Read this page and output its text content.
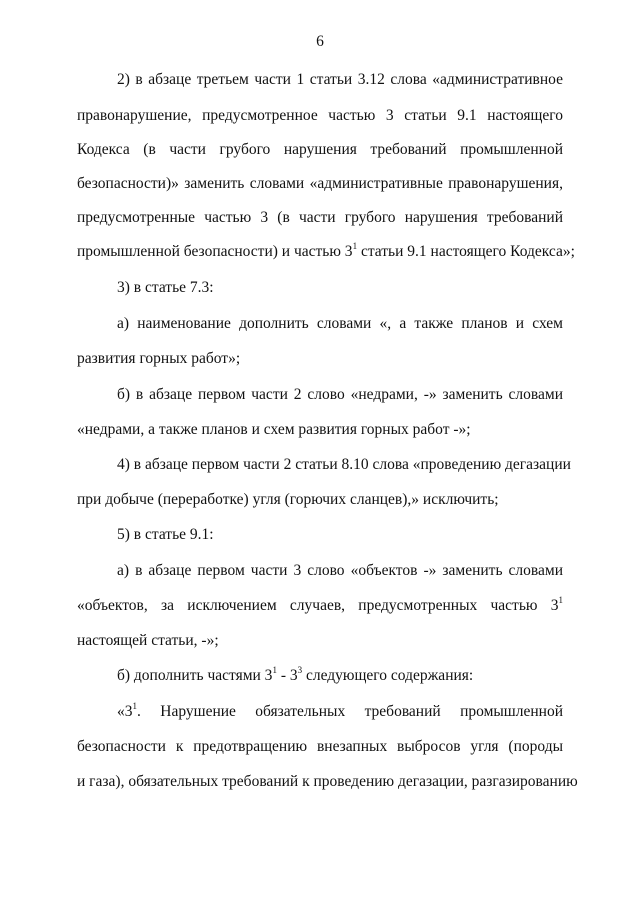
6
2) в абзаце третьем части 1 статьи 3.12 слова «административное
правонарушение, предусмотренное частью 3 статьи 9.1 настоящего
Кодекса (в части грубого нарушения требований промышленной
безопасности)» заменить словами «административные правонарушения,
предусмотренные частью 3 (в части грубого нарушения требований
промышленной безопасности) и частью $3^1$ статьи 9.1 настоящего Кодекса»;
3) в статье 7.3:
а) наименование дополнить словами «, а также планов и схем
развития горных работ»;
б) в абзаце первом части 2 слово «недрами, -» заменить словами
«недрами, а также планов и схем развития горных работ -»;
4) в абзаце первом части 2 статьи 8.10 слова «проведению дегазации
при добыче (переработке) угля (горючих сланцев),» исключить;
5) в статье 9.1:
а) в абзаце первом части 3 слово «объектов -» заменить словами
«объектов, за исключением случаев, предусмотренных частью $3^1$
настоящей статьи, -»;
б) дополнить частями $3^1 - 3^3$ следующего содержания:
«$3^1$. Нарушение обязательных требований промышленной
безопасности к предотвращению внезапных выбросов угля (породы
и газа), обязательных требований к проведению дегазации, разгазированию
